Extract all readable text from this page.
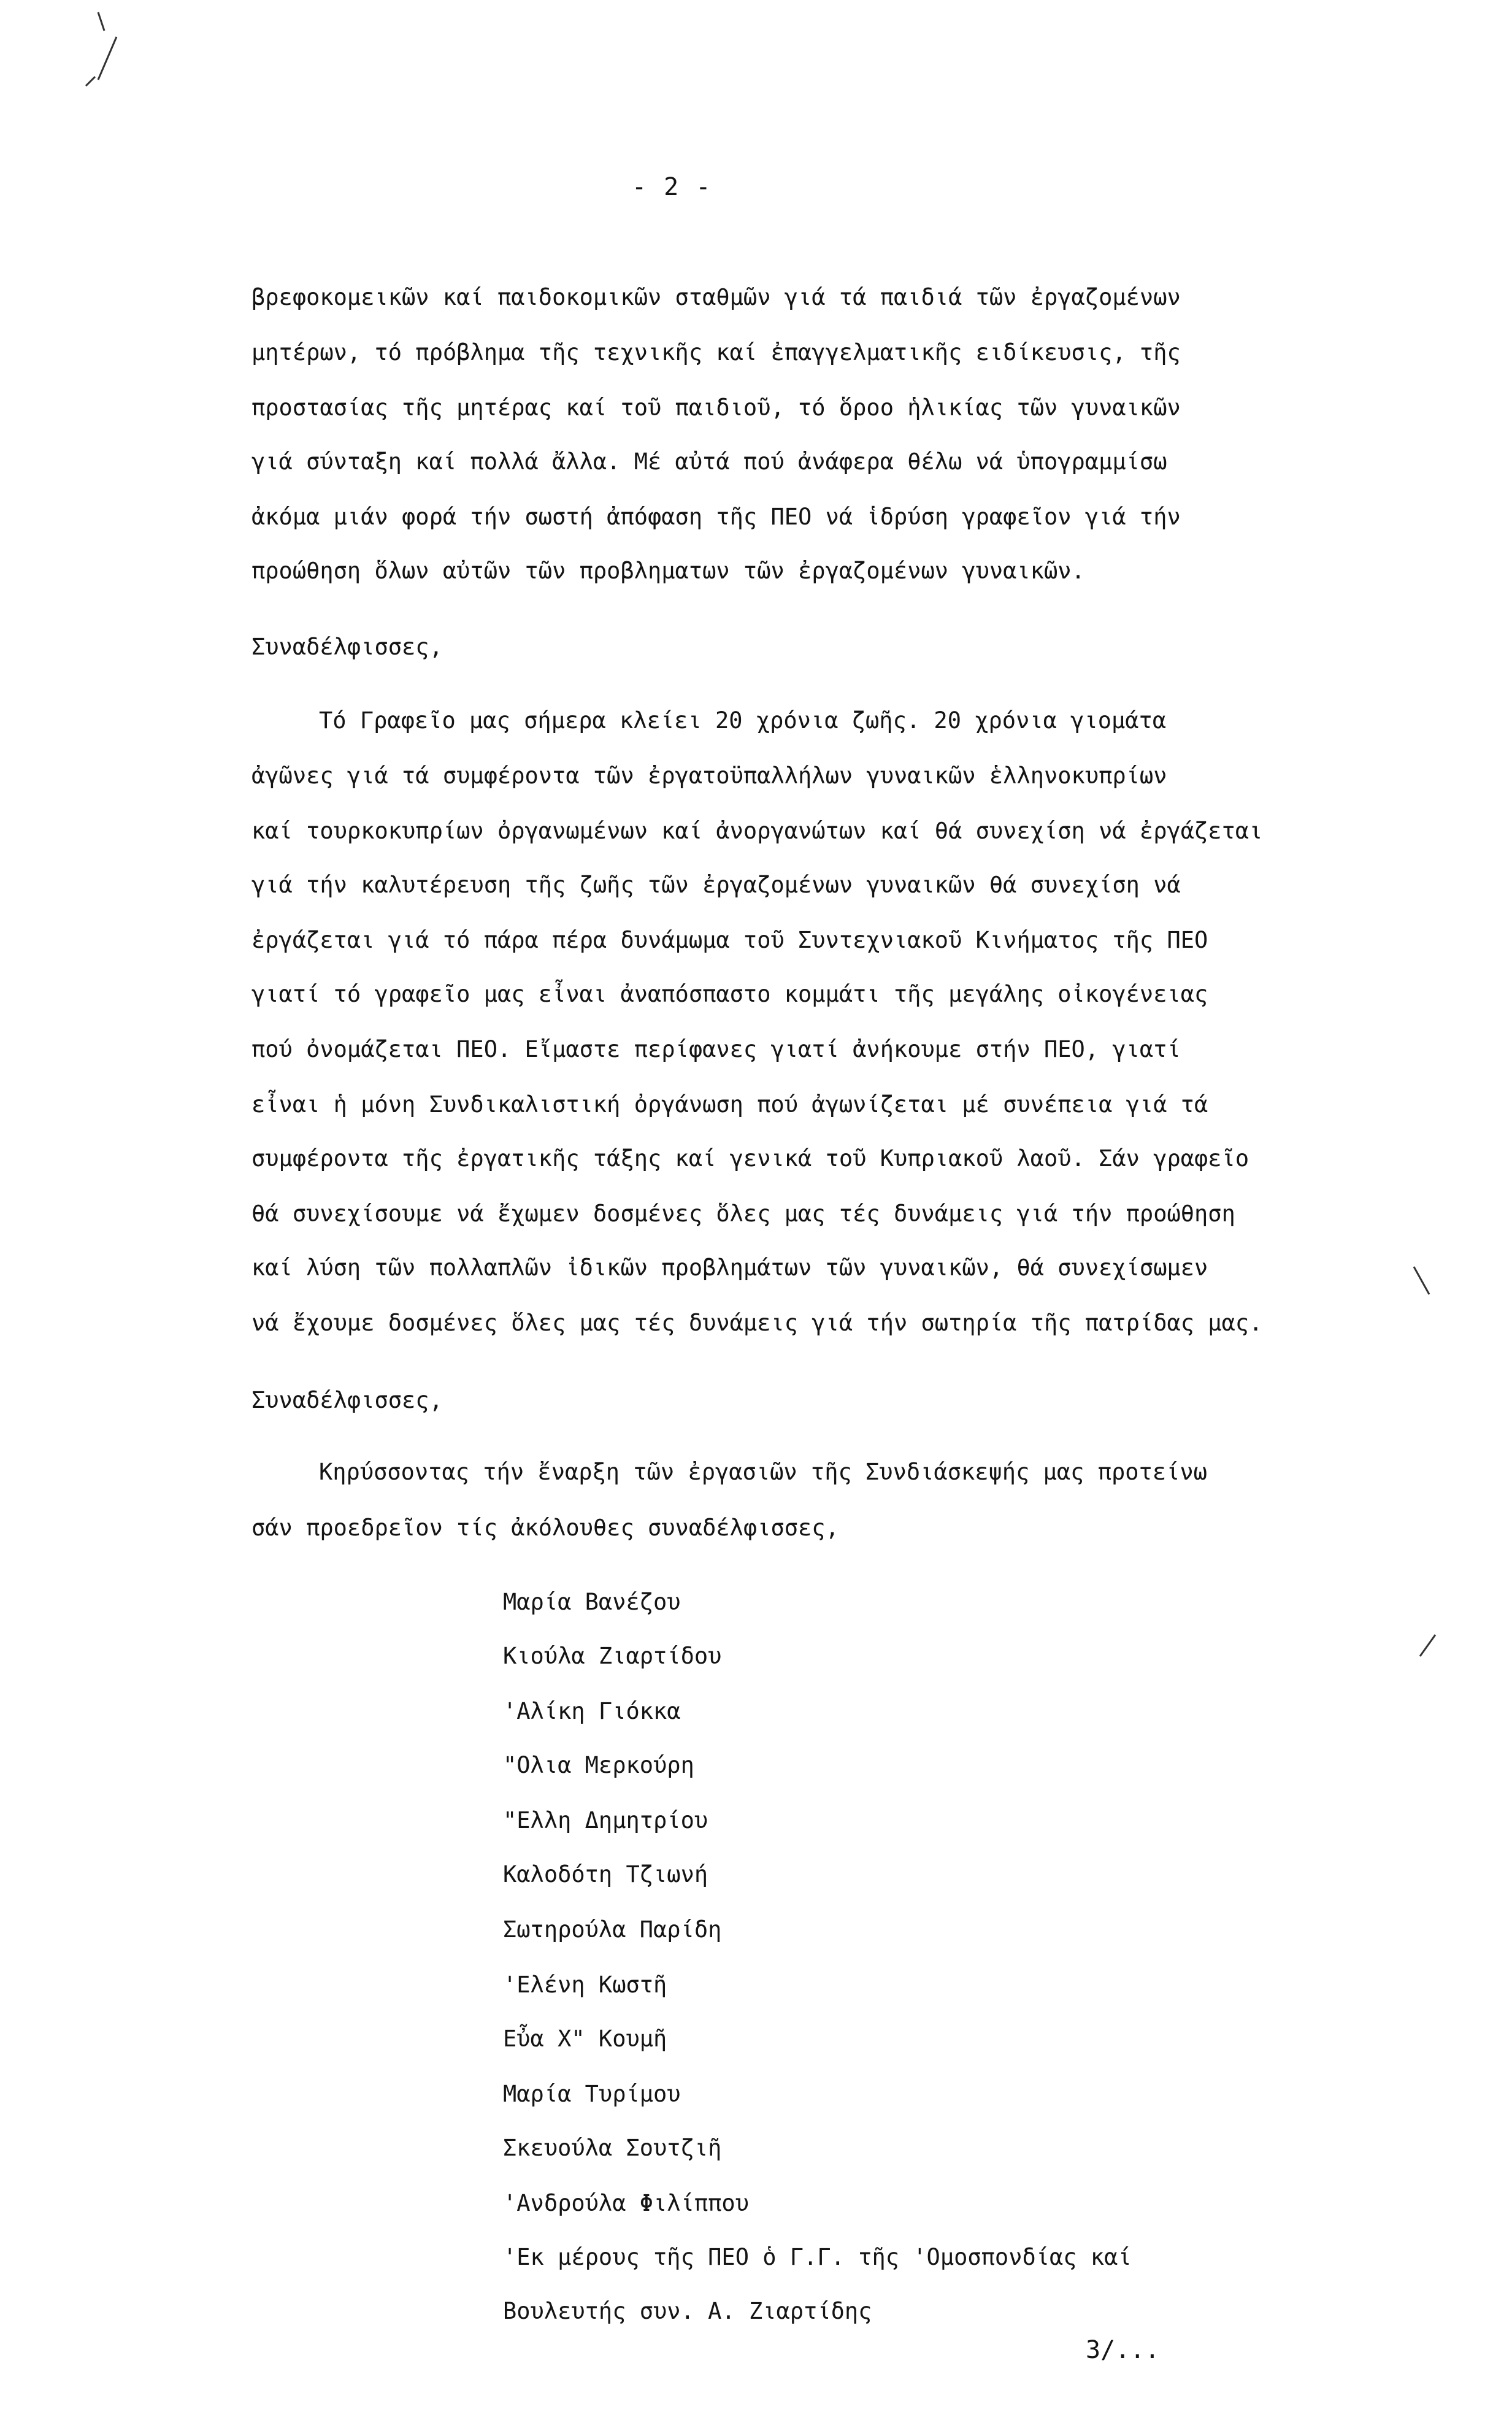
- 2 -
βρεφοκομεικῶν καί παιδοκομικῶν σταθμῶν γιά τά παιδιά τῶν ἐργαζομένων
μητέρων, τό πρόβλημα τῆς τεχνικῆς καί ἐπαγγελματικῆς ειδίκευσις, τῆς
προστασίας τῆς μητέρας καί τοῦ παιδιοῦ, τό ὅροο ἡλικίας τῶν γυναικῶν
γιά σύνταξη καί πολλά ἄλλα. Μέ αὐτά πού ἀνάφερα θέλω νά ὑπογραμμίσω
ἀκόμα μιάν φορά τήν σωστή ἀπόφαση τῆς ΠΕΟ νά ἱδρύση γραφεῖον γιά τήν
προώθηση ὅλων αὐτῶν τῶν προβληματων τῶν ἐργαζομένων γυναικῶν.
Συναδέλφισσες,
Τό Γραφεῖο μας σήμερα κλείει 20 χρόνια ζωῆς. 20 χρόνια γιομάτα
ἀγῶνες γιά τά συμφέροντα τῶν ἐργατοϋπαλλήλων γυναικῶν ἑλληνοκυπρίων
καί τουρκοκυπρίων ὀργανωμένων καί ἀνοργανώτων καί θά συνεχίση νά ἐργάζεται
γιά τήν καλυτέρευση τῆς ζωῆς τῶν ἐργαζομένων γυναικῶν θά συνεχίση νά
ἐργάζεται γιά τό πάρα πέρα δυνάμωμα τοῦ Συντεχνιακοῦ Κινήματος τῆς ΠΕΟ
γιατί τό γραφεῖο μας εἶναι ἀναπόσπαστο κομμάτι τῆς μεγάλης οἰκογένειας
πού ὀνομάζεται ΠΕΟ. Εἴμαστε περίφανες γιατί ἀνήκουμε στήν ΠΕΟ, γιατί
εἶναι ἡ μόνη Συνδικαλιστική ὀργάνωση πού ἀγωνίζεται μέ συνέπεια γιά τά
συμφέροντα τῆς ἐργατικῆς τάξης καί γενικά τοῦ Κυπριακοῦ λαοῦ. Σάν γραφεῖο
θά συνεχίσουμε νά ἔχωμεν δοσμένες ὅλες μας τές δυνάμεις γιά τήν προώθηση
καί λύση τῶν πολλαπλῶν ἰδικῶν προβλημάτων τῶν γυναικῶν, θά συνεχίσωμεν
νά ἔχουμε δοσμένες ὅλες μας τές δυνάμεις γιά τήν σωτηρία τῆς πατρίδας μας.
Συναδέλφισσες,
Κηρύσσοντας τήν ἔναρξη τῶν ἐργασιῶν τῆς Συνδιάσκεψής μας προτείνω
σάν προεδρεῖον τίς ἀκόλουθες συναδέλφισσες,
Μαρία Βανέζου
Κιούλα Ζιαρτίδου
'Αλίκη Γιόκκα
"Ολια Μερκούρη
"Ελλη Δημητρίου
Καλοδότη Τζιωνή
Σωτηρούλα Παρίδη
'Ελένη Κωστῆ
Εὖα Χ" Κουμῆ
Μαρία Τυρίμου
Σκευούλα Σουτζιῆ
'Ανδρούλα Φιλίππου
'Εκ μέρους τῆς ΠΕΟ ὁ Γ.Γ. τῆς 'Ομοσπονδίας καί
Βουλευτής συν. Α. Ζιαρτίδης
3/...
